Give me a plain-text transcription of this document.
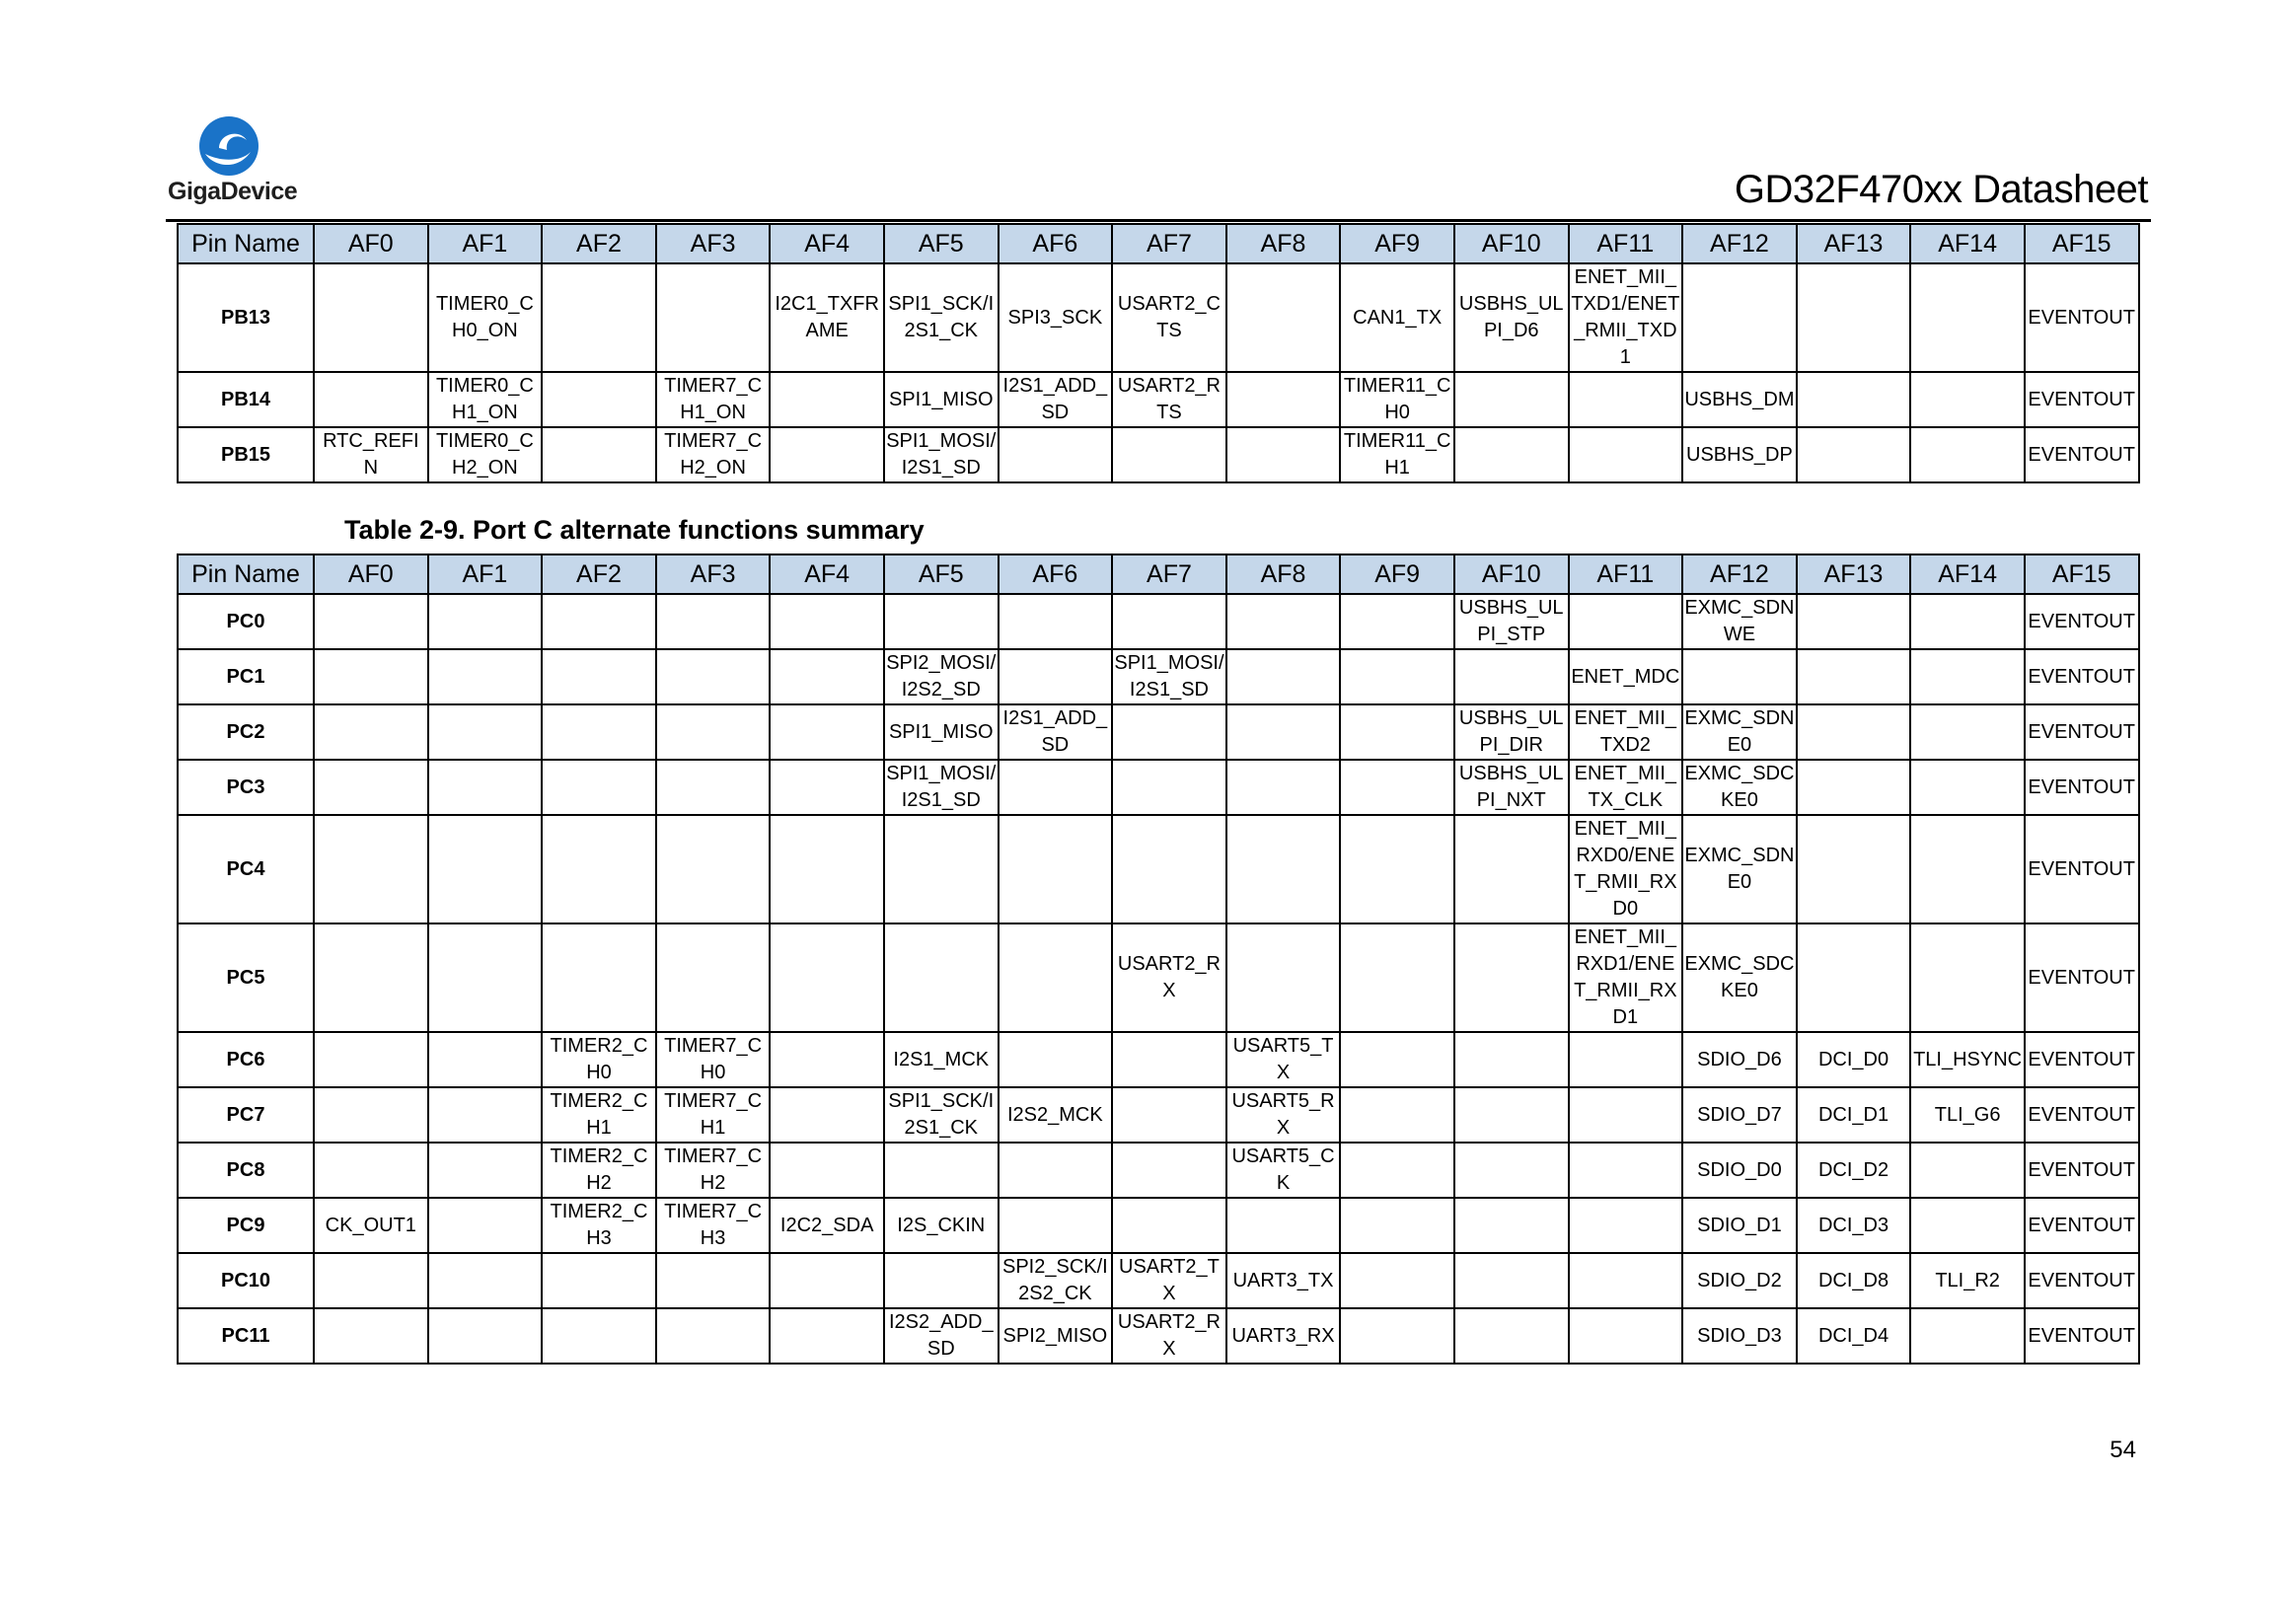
GigaDevice	GD32F470xx Datasheet
Pin Name	AF0	AF1	AF2	AF3	AF4	AF5	AF6	AF7	AF8	AF9	AF10	AF11	AF12	AF13	AF14	AF15
PB13		TIMER0_CH0_ON			I2C1_TXFRAME	SPI1_SCK/I2S1_CK	SPI3_SCK	USART2_CTS		CAN1_TX	USBHS_ULPI_D6	ENET_MII_TXD1/ENET_RMII_TXD1				EVENTOUT
PB14		TIMER0_CH1_ON		TIMER7_CH1_ON		SPI1_MISO	I2S1_ADD_SD	USART2_RTS		TIMER11_CH0			USBHS_DM			EVENTOUT
PB15	RTC_REFIN	TIMER0_CH2_ON		TIMER7_CH2_ON		SPI1_MOSI/I2S1_SD				TIMER11_CH1			USBHS_DP			EVENTOUT
Table 2-9. Port C alternate functions summary
Pin Name	AF0	AF1	AF2	AF3	AF4	AF5	AF6	AF7	AF8	AF9	AF10	AF11	AF12	AF13	AF14	AF15
PC0											USBHS_ULPI_STP		EXMC_SDNWE			EVENTOUT
PC1						SPI2_MOSI/I2S2_SD		SPI1_MOSI/I2S1_SD				ENET_MDC				EVENTOUT
PC2						SPI1_MISO	I2S1_ADD_SD				USBHS_ULPI_DIR	ENET_MII_TXD2	EXMC_SDNE0			EVENTOUT
PC3						SPI1_MOSI/I2S1_SD					USBHS_ULPI_NXT	ENET_MII_TX_CLK	EXMC_SDCKE0			EVENTOUT
PC4												ENET_MII_RXD0/ENET_RMII_RXD0	EXMC_SDNE0			EVENTOUT
PC5								USART2_RX				ENET_MII_RXD1/ENET_RMII_RXD1	EXMC_SDCKE0			EVENTOUT
PC6			TIMER2_CH0	TIMER7_CH0		I2S1_MCK			USART5_TX				SDIO_D6	DCI_D0	TLI_HSYNC	EVENTOUT
PC7			TIMER2_CH1	TIMER7_CH1		SPI1_SCK/I2S1_CK	I2S2_MCK		USART5_RX				SDIO_D7	DCI_D1	TLI_G6	EVENTOUT
PC8			TIMER2_CH2	TIMER7_CH2					USART5_CK				SDIO_D0	DCI_D2		EVENTOUT
PC9	CK_OUT1		TIMER2_CH3	TIMER7_CH3	I2C2_SDA	I2S_CKIN							SDIO_D1	DCI_D3		EVENTOUT
PC10							SPI2_SCK/I2S2_CK	USART2_TX	UART3_TX				SDIO_D2	DCI_D8	TLI_R2	EVENTOUT
PC11						I2S2_ADD_SD	SPI2_MISO	USART2_RX	UART3_RX				SDIO_D3	DCI_D4		EVENTOUT
54
